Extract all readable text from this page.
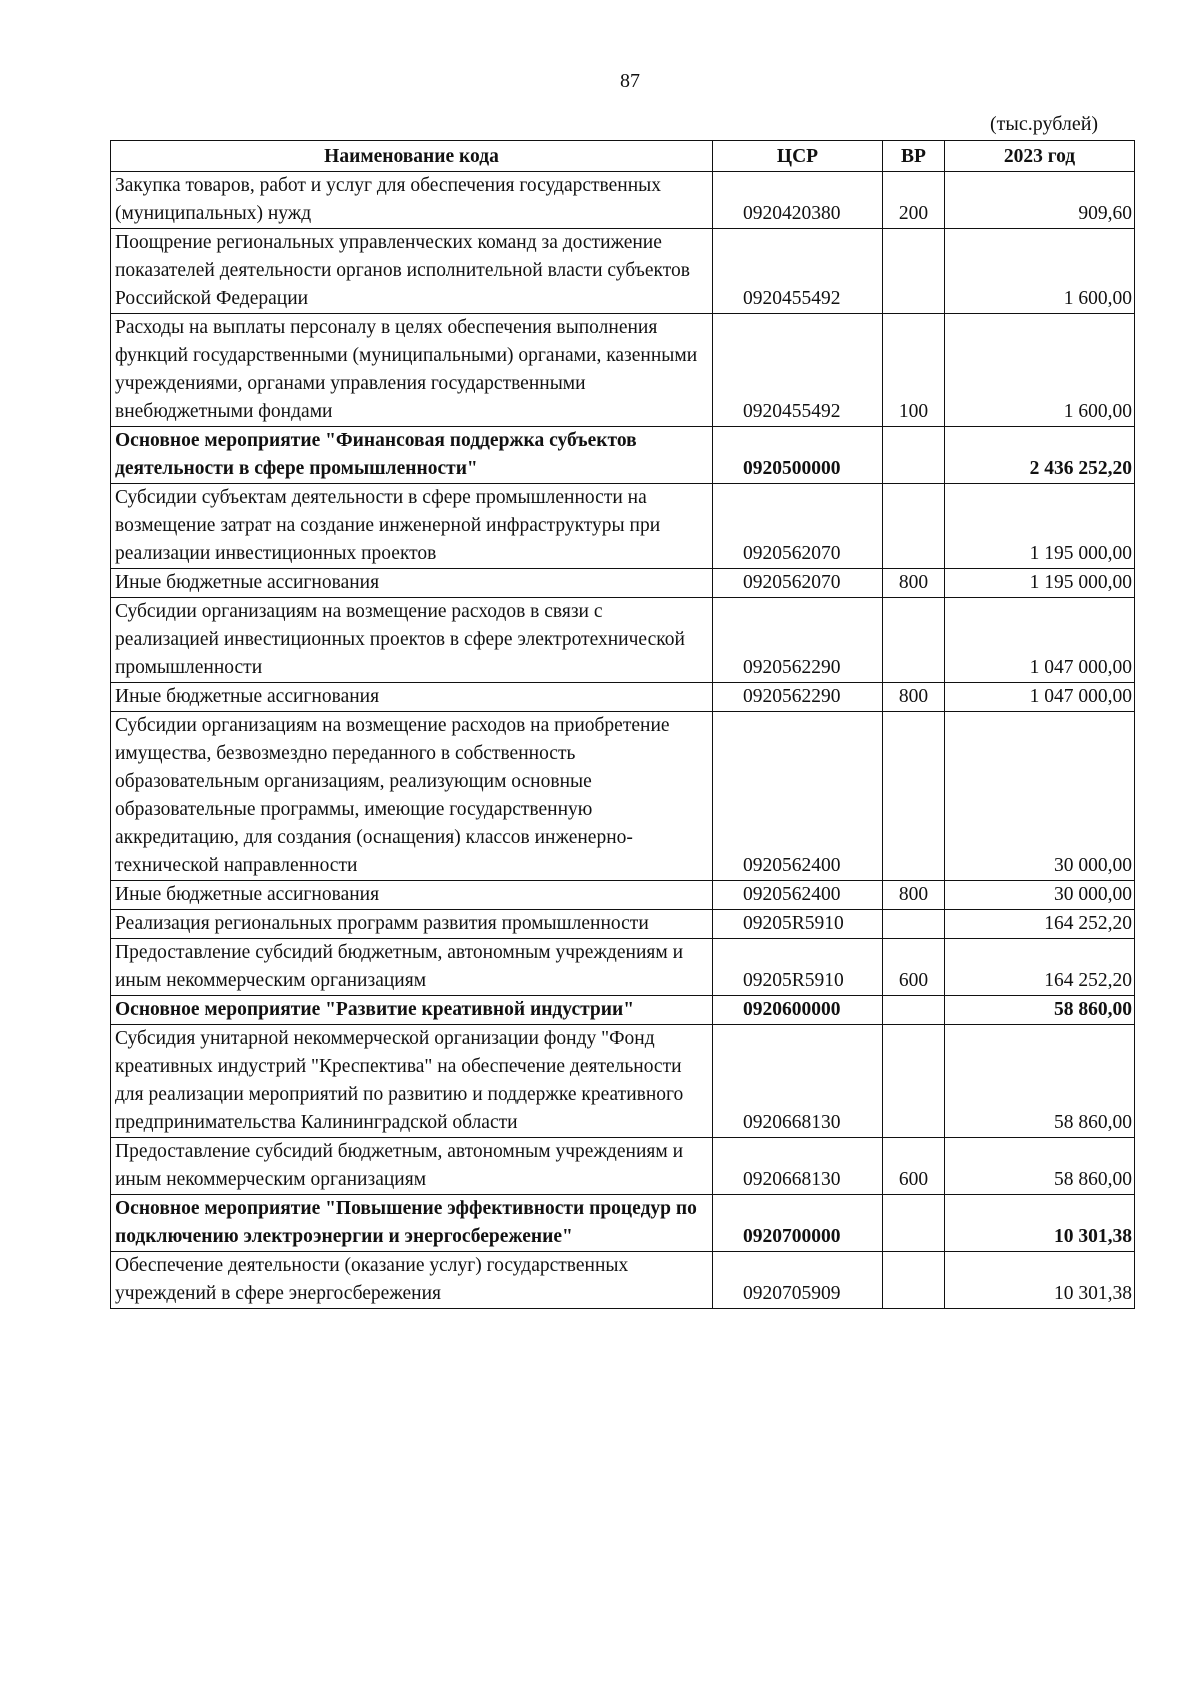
87
(тыс.рублей)
Наименование кода	ЦСР	ВР	2023 год
Закупка товаров, работ и услуг для обеспечения государственных (муниципальных) нужд	0920420380	200	909,60
Поощрение региональных управленческих команд за достижение показателей деятельности органов исполнительной власти субъектов Российской Федерации	0920455492		1 600,00
Расходы на выплаты персоналу в целях обеспечения выполнения функций государственными (муниципальными) органами, казенными учреждениями, органами управления государственными внебюджетными фондами	0920455492	100	1 600,00
Основное мероприятие "Финансовая поддержка субъектов деятельности в сфере промышленности"	0920500000		2 436 252,20
Субсидии субъектам деятельности в сфере промышленности на возмещение затрат на создание инженерной инфраструктуры при реализации инвестиционных проектов	0920562070		1 195 000,00
Иные бюджетные ассигнования	0920562070	800	1 195 000,00
Субсидии организациям на возмещение расходов в связи с реализацией инвестиционных проектов в сфере электротехнической промышленности	0920562290		1 047 000,00
Иные бюджетные ассигнования	0920562290	800	1 047 000,00
Субсидии организациям на возмещение расходов на приобретение имущества, безвозмездно переданного в собственность образовательным организациям, реализующим основные образовательные программы, имеющие государственную аккредитацию, для создания (оснащения) классов инженерно-технической направленности	0920562400		30 000,00
Иные бюджетные ассигнования	0920562400	800	30 000,00
Реализация региональных программ развития промышленности	09205R5910		164 252,20
Предоставление субсидий бюджетным, автономным учреждениям и иным некоммерческим организациям	09205R5910	600	164 252,20
Основное мероприятие "Развитие креативной индустрии"	0920600000		58 860,00
Субсидия унитарной некоммерческой организации фонду "Фонд креативных индустрий "Креспектива" на обеспечение деятельности для реализации мероприятий по развитию и поддержке креативного предпринимательства Калининградской области	0920668130		58 860,00
Предоставление субсидий бюджетным, автономным учреждениям и иным некоммерческим организациям	0920668130	600	58 860,00
Основное мероприятие "Повышение эффективности процедур по подключению электроэнергии и энергосбережение"	0920700000		10 301,38
Обеспечение деятельности (оказание услуг) государственных учреждений в сфере энергосбережения	0920705909		10 301,38
